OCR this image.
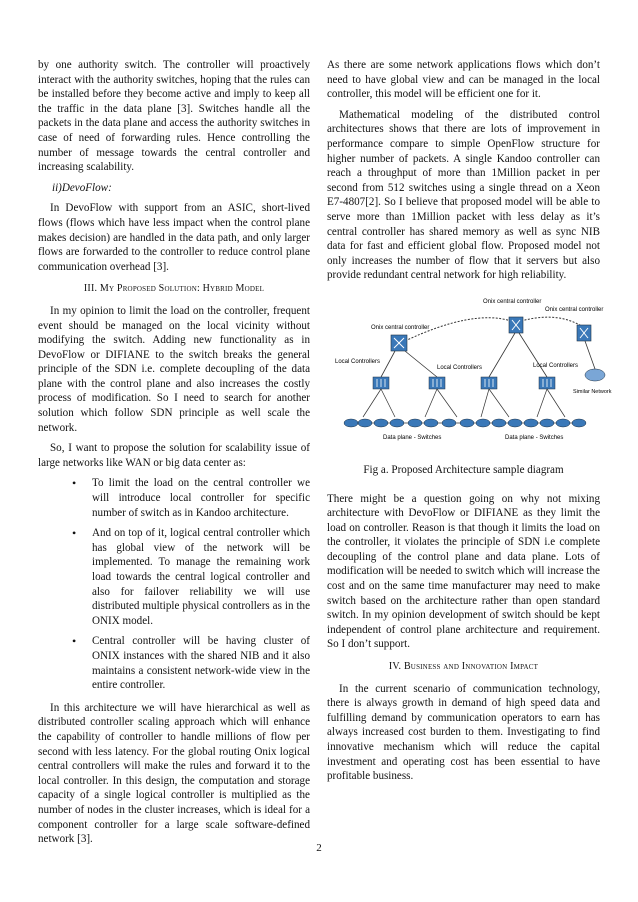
by one authority switch. The controller will proactively interact with the authority switches, hoping that the rules can be installed before they become active and imply to keep all the traffic in the data plane [3]. Switches handle all the packets in the data plane and access the authority switches in case of need of forwarding rules. Hence controlling the number of message towards the central controller and increasing scalability.

ii)DevoFlow:

In DevoFlow with support from an ASIC, short-lived flows (flows which have less impact when the control plane makes decision) are handled in the data path, and only larger flows are forwarded to the controller to reduce control plane communication overhead [3].

III. My Proposed Solution: Hybrid Model

In my opinion to limit the load on the controller, frequent event should be managed on the local vicinity without modifying the switch. Adding new functionality as in DevoFlow or DIFIANE to the switch breaks the general principle of the SDN i.e. complete decoupling of the data plane with the control plane and also increases the costly process of modification. So I need to search for another solution which follow SDN principle as well scale the network.

So, I want to propose the solution for scalability issue of large networks like WAN or big data center as:

• To limit the load on the central controller we will introduce local controller for specific number of switch as in Kandoo architecture.
• And on top of it, logical central controller which has global view of the network will be implemented. To manage the remaining work load towards the central logical controller and also for failover reliability we will use distributed multiple physical controllers as in the ONIX model.
• Central controller will be having cluster of ONIX instances with the shared NIB and it also maintains a consistent network-wide view in the entire controller.

In this architecture we will have hierarchical as well as distributed controller scaling approach which will enhance the capability of controller to handle millions of flow per second with less latency. For the global routing Onix logical central controllers will make the rules and forward it to the local controller. In this design, the computation and storage capacity of a single logical controller is multiplied as the number of nodes in the cluster increases, which is ideal for a component controller for a large scale software-defined network [3].

As there are some network applications flows which don’t need to have global view and can be managed in the local controller, this model will be efficient one for it.

Mathematical modeling of the distributed control architectures shows that there are lots of improvement in performance compare to simple OpenFlow structure for higher number of packets. A single Kandoo controller can reach a throughput of more than 1Million packet in per second from 512 switches using a single thread on a Xeon E7-4807[2]. So I believe that proposed model will be able to serve more than 1Million packet with less delay as it’s central controller has shared memory as well as sync NIB data for fast and efficient global flow. Proposed model not only increases the number of flow that it servers but also provide redundant central network for high reliability.

Onix central controller
Onix central controller
Onix central controller
Local Controllers
Local Controllers	Local Controllers
Similar Network
Data plane - Switches	Data plane - Switches
Fig a. Proposed Architecture sample diagram

There might be a question going on why not mixing architecture with DevoFlow or DIFIANE as they limit the load on controller. Reason is that though it limits the load on the controller, it violates the principle of SDN i.e complete decoupling of the control plane and data plane. Lots of modification will be needed to switch which will increase the cost and on the same time manufacturer may need to make switch based on the architecture rather than open standard switch. In my opinion development of switch should be kept independent of control plane architecture and requirement. So I don’t support.

IV. Business and Innovation Impact

In the current scenario of communication technology, there is always growth in demand of high speed data and fulfilling demand by communication operators to earn has always increased cost burden to them. Investigating to find innovative mechanism which will reduce the capital investment and operating cost has been essential to have profitable business.

2
